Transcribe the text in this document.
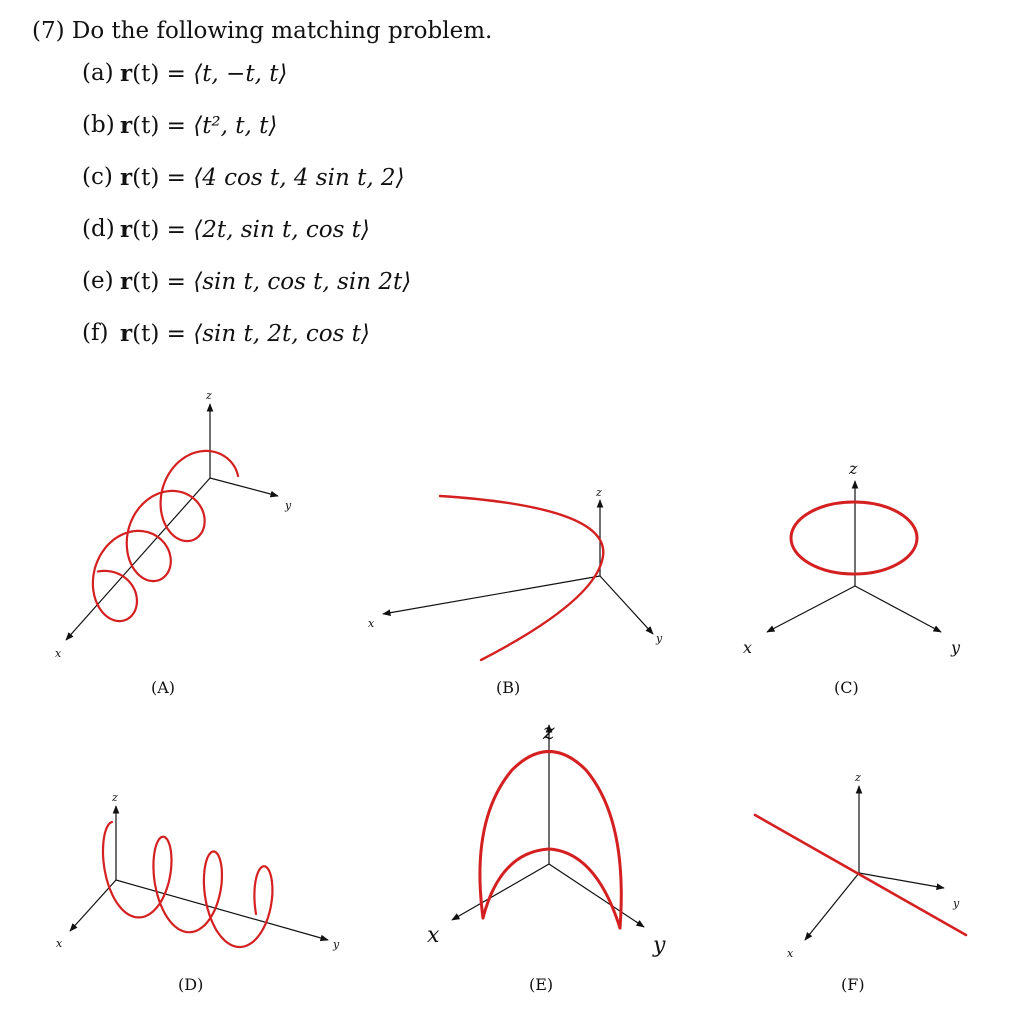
(7) Do the following matching problem.
(a) r(t) = ⟨t, −t, t⟩
(b) r(t) = ⟨t², t, t⟩
(c) r(t) = ⟨4 cos t, 4 sin t, 2⟩
(d) r(t) = ⟨2t, sin t, cos t⟩
(e) r(t) = ⟨sin t, cos t, sin 2t⟩
(f) r(t) = ⟨sin t, 2t, cos t⟩
z
y
x
(A)
z
y
x
(B)
z
y
x
(C)
z
y
x
(D)
z
y
x
(E)
z
y
x
(F)
